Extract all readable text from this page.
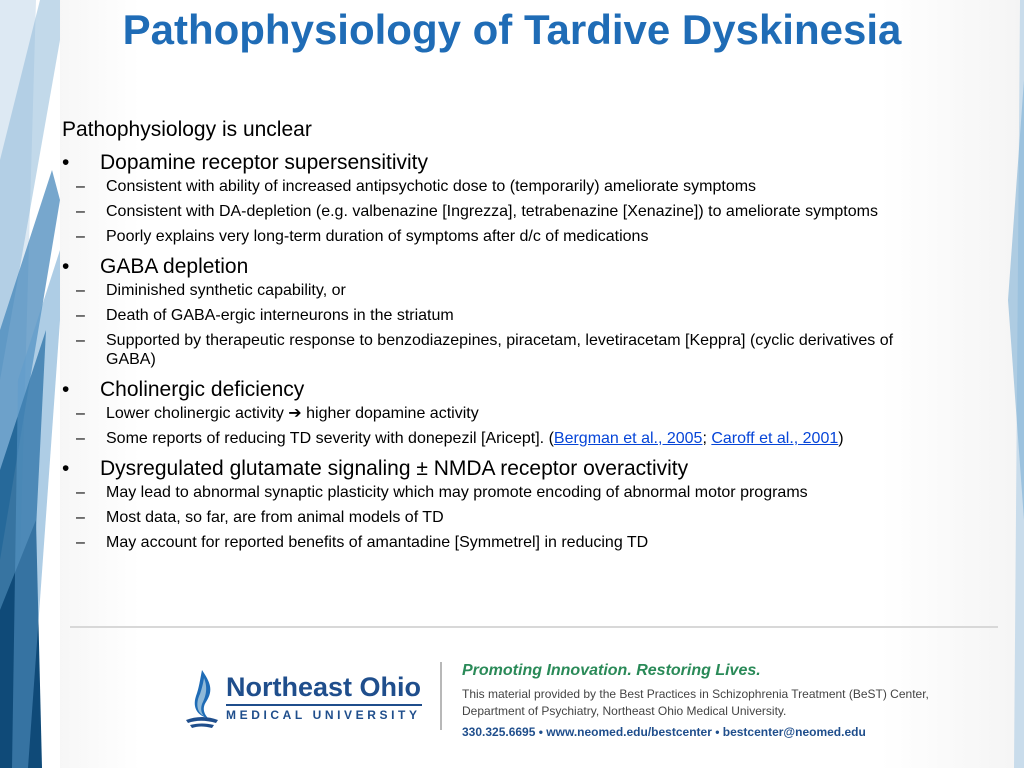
Pathophysiology of Tardive Dyskinesia
Pathophysiology is unclear
• Dopamine receptor supersensitivity
– Consistent with ability of increased antipsychotic dose to (temporarily) ameliorate symptoms
– Consistent with DA-depletion (e.g. valbenazine [Ingrezza], tetrabenazine [Xenazine]) to ameliorate symptoms
– Poorly explains very long-term duration of symptoms after d/c of medications
• GABA depletion
– Diminished synthetic capability, or
– Death of GABA-ergic interneurons in the striatum
– Supported by therapeutic response to benzodiazepines, piracetam, levetiracetam [Keppra] (cyclic derivatives of GABA)
• Cholinergic deficiency
– Lower cholinergic activity ➔ higher dopamine activity
– Some reports of reducing TD severity with donepezil [Aricept]. (Bergman et al., 2005; Caroff et al., 2001)
• Dysregulated glutamate signaling ± NMDA receptor overactivity
– May lead to abnormal synaptic plasticity which may promote encoding of abnormal motor programs
– Most data, so far, are from animal models of TD
– May account for reported benefits of amantadine [Symmetrel] in reducing TD
Northeast Ohio
MEDICAL UNIVERSITY
Promoting Innovation. Restoring Lives.
This material provided by the Best Practices in Schizophrenia Treatment (BeST) Center, Department of Psychiatry, Northeast Ohio Medical University.
330.325.6695 • www.neomed.edu/bestcenter • bestcenter@neomed.edu
